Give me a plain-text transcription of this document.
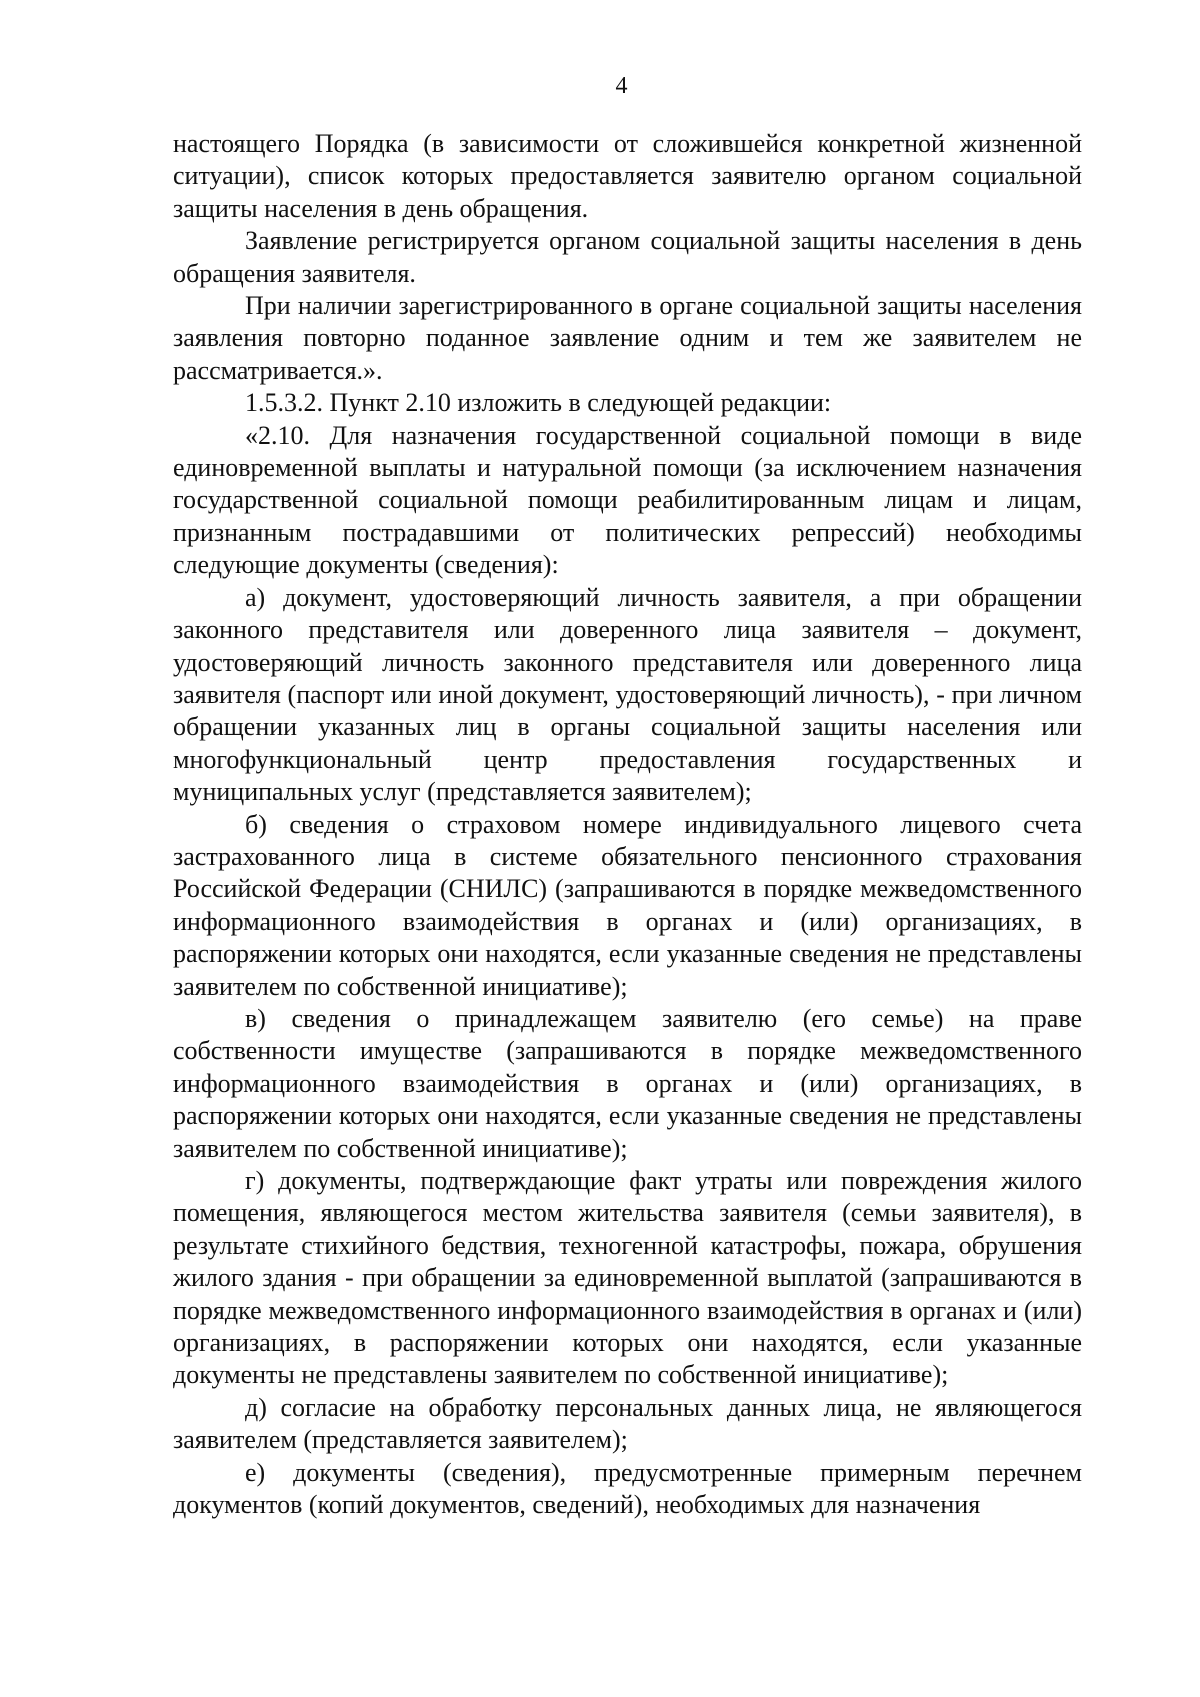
4

настоящего Порядка (в зависимости от сложившейся конкретной жизненной ситуации), список которых предоставляется заявителю органом социальной защиты населения в день обращения.

Заявление регистрируется органом социальной защиты населения в день обращения заявителя.

При наличии зарегистрированного в органе социальной защиты населения заявления повторно поданное заявление одним и тем же заявителем не рассматривается.».

1.5.3.2. Пункт 2.10 изложить в следующей редакции:

«2.10. Для назначения государственной социальной помощи в виде единовременной выплаты и натуральной помощи (за исключением назначения государственной социальной помощи реабилитированным лицам и лицам, признанным пострадавшими от политических репрессий) необходимы следующие документы (сведения):

а) документ, удостоверяющий личность заявителя, а при обращении законного представителя или доверенного лица заявителя – документ, удостоверяющий личность законного представителя или доверенного лица заявителя (паспорт или иной документ, удостоверяющий личность), - при личном обращении указанных лиц в органы социальной защиты населения или многофункциональный центр предоставления государственных и муниципальных услуг (представляется заявителем);

б) сведения о страховом номере индивидуального лицевого счета застрахованного лица в системе обязательного пенсионного страхования Российской Федерации (СНИЛС) (запрашиваются в порядке межведомственного информационного взаимодействия в органах и (или) организациях, в распоряжении которых они находятся, если указанные сведения не представлены заявителем по собственной инициативе);

в) сведения о принадлежащем заявителю (его семье) на праве собственности имуществе (запрашиваются в порядке межведомственного информационного взаимодействия в органах и (или) организациях, в распоряжении которых они находятся, если указанные сведения не представлены заявителем по собственной инициативе);

г) документы, подтверждающие факт утраты или повреждения жилого помещения, являющегося местом жительства заявителя (семьи заявителя), в результате стихийного бедствия, техногенной катастрофы, пожара, обрушения жилого здания - при обращении за единовременной выплатой (запрашиваются в порядке межведомственного информационного взаимодействия в органах и (или) организациях, в распоряжении которых они находятся, если указанные документы не представлены заявителем по собственной инициативе);

д) согласие на обработку персональных данных лица, не являющегося заявителем (представляется заявителем);

е) документы (сведения), предусмотренные примерным перечнем документов (копий документов, сведений), необходимых для назначения
